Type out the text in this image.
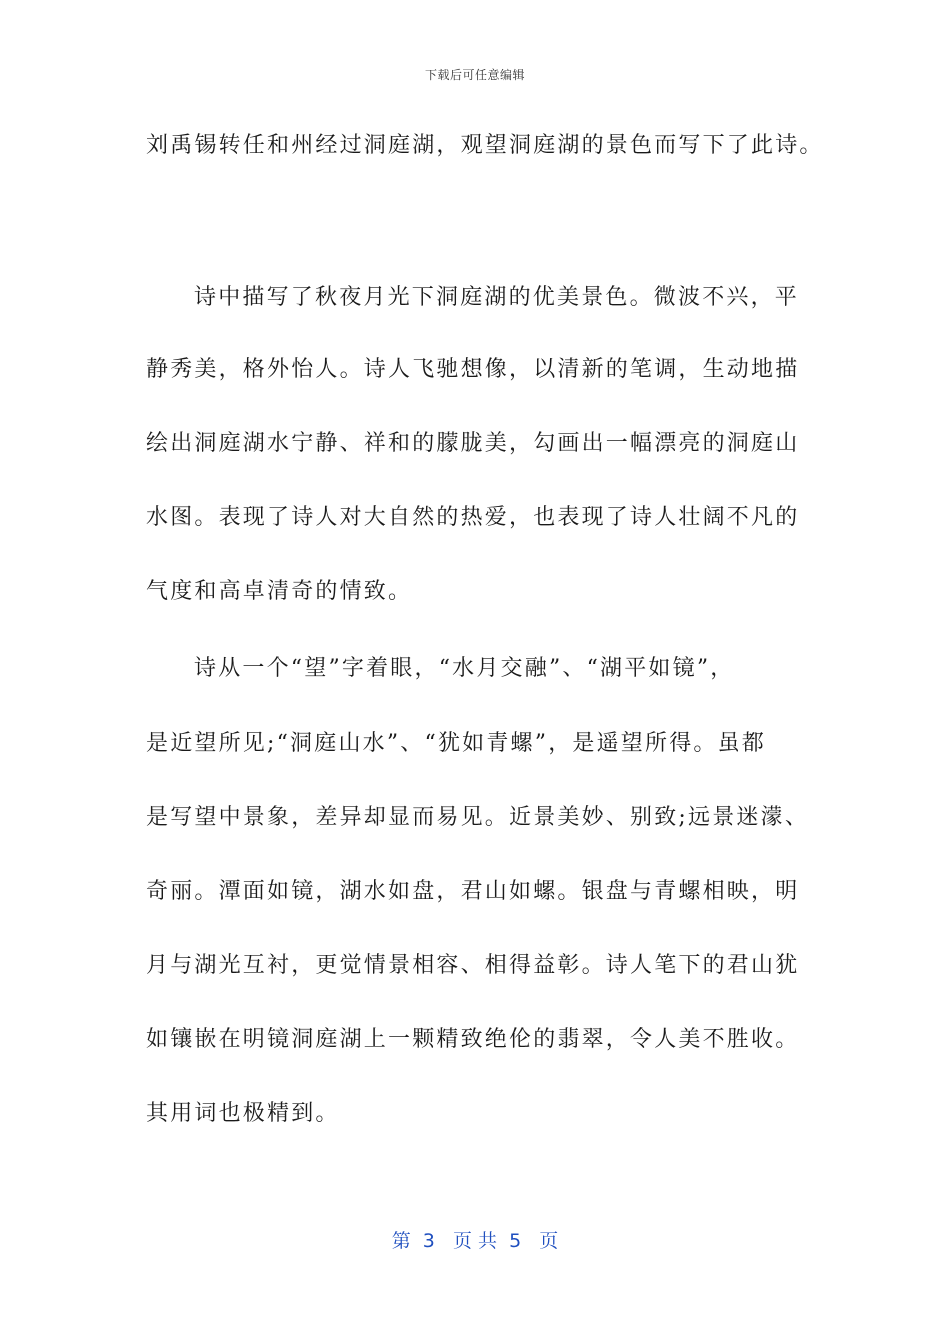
下载后可任意编辑
刘禹锡转任和州经过洞庭湖，观望洞庭湖的景色而写下了此诗。
诗中描写了秋夜月光下洞庭湖的优美景色。微波不兴，平
静秀美，格外怡人。诗人飞驰想像，以清新的笔调，生动地描
绘出洞庭湖水宁静、祥和的朦胧美，勾画出一幅漂亮的洞庭山
水图。表现了诗人对大自然的热爱，也表现了诗人壮阔不凡的
气度和高卓清奇的情致。
诗从一个“望”字着眼，“水月交融”、“湖平如镜”，
是近望所见;“洞庭山水”、“犹如青螺”，是遥望所得。虽都
是写望中景象，差异却显而易见。近景美妙、别致;远景迷濛、
奇丽。潭面如镜，湖水如盘，君山如螺。银盘与青螺相映，明
月与湖光互衬，更觉情景相容、相得益彰。诗人笔下的君山犹
如镶嵌在明镜洞庭湖上一颗精致绝伦的翡翠，令人美不胜收。
其用词也极精到。
第  3   页 共  5   页
